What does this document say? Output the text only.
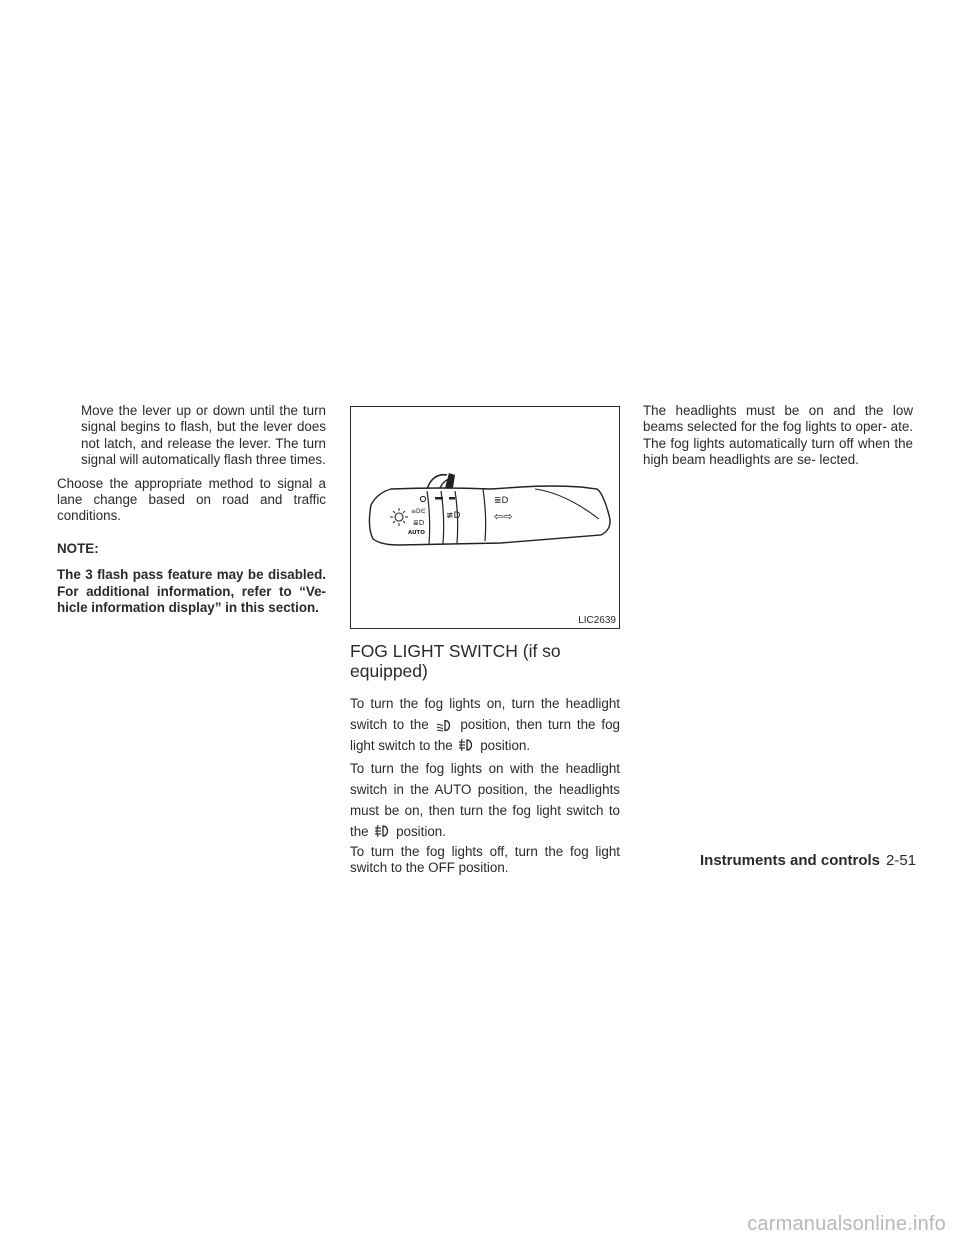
Move the lever up or down until the turn signal begins to flash, but the lever does not latch, and release the lever. The turn signal will automatically flash three times.

Choose the appropriate method to signal a lane change based on road and traffic conditions.

NOTE:

The 3 flash pass feature may be disabled. For additional information, refer to “Ve- hicle information display” in this section.

≡D∈
≣D
AUTO
≢D
≣D
⇦⇨
LIC2639
FOG LIGHT SWITCH (if so equipped)

To turn the fog lights on, turn the headlight switch to the position, then turn the fog light switch to the position.

To turn the fog lights on with the headlight switch in the AUTO position, the headlights must be on, then turn the fog light switch to the position.

To turn the fog lights off, turn the fog light switch to the OFF position.

The headlights must be on and the low beams selected for the fog lights to oper- ate. The fog lights automatically turn off when the high beam headlights are se- lected.

Instruments and controls 2-51
carmanualsonline.info
